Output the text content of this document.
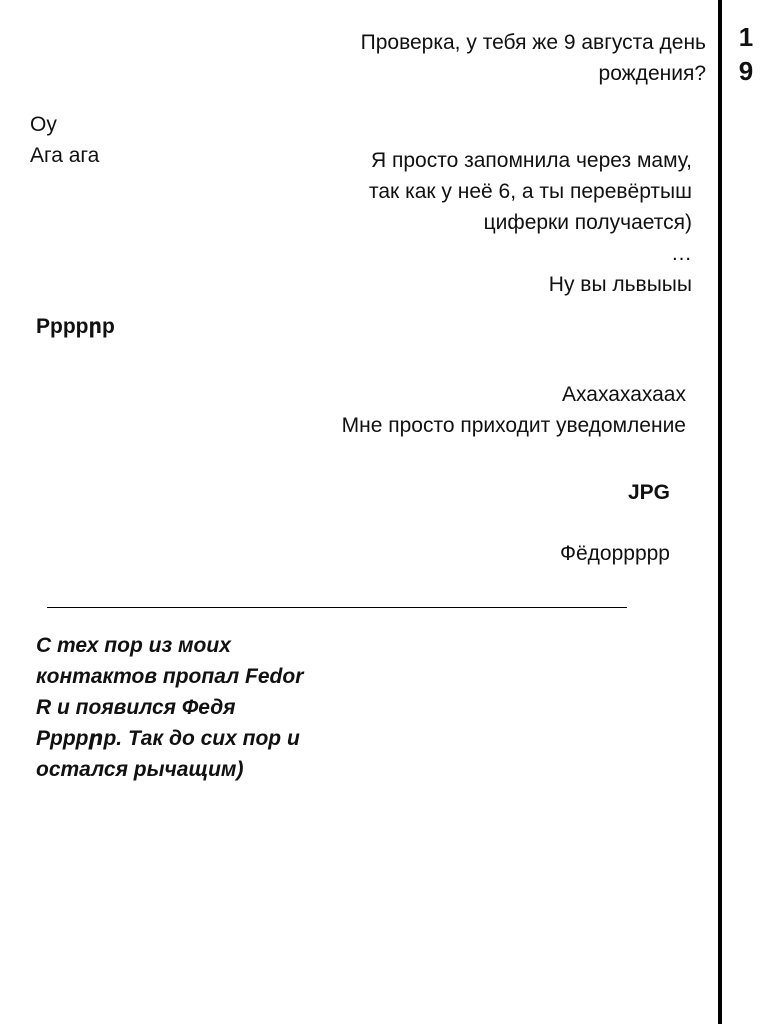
1
9
Проверка, у тебя же 9 августа день
рождения?
Оу
Ага ага	Я просто запомнила через маму,
так как у неё 6, а ты перевёртыш
циферки получается)
…
Ну вы львыыы
Ррррրр
Ахахахахаах
Мне просто приходит уведомление
JPG
Фёдоррррр
С тех пор из моих
контактов пропал Fedor
R и появился Федя
Ррррրр. Так до сих пор и
остался рычащим)
